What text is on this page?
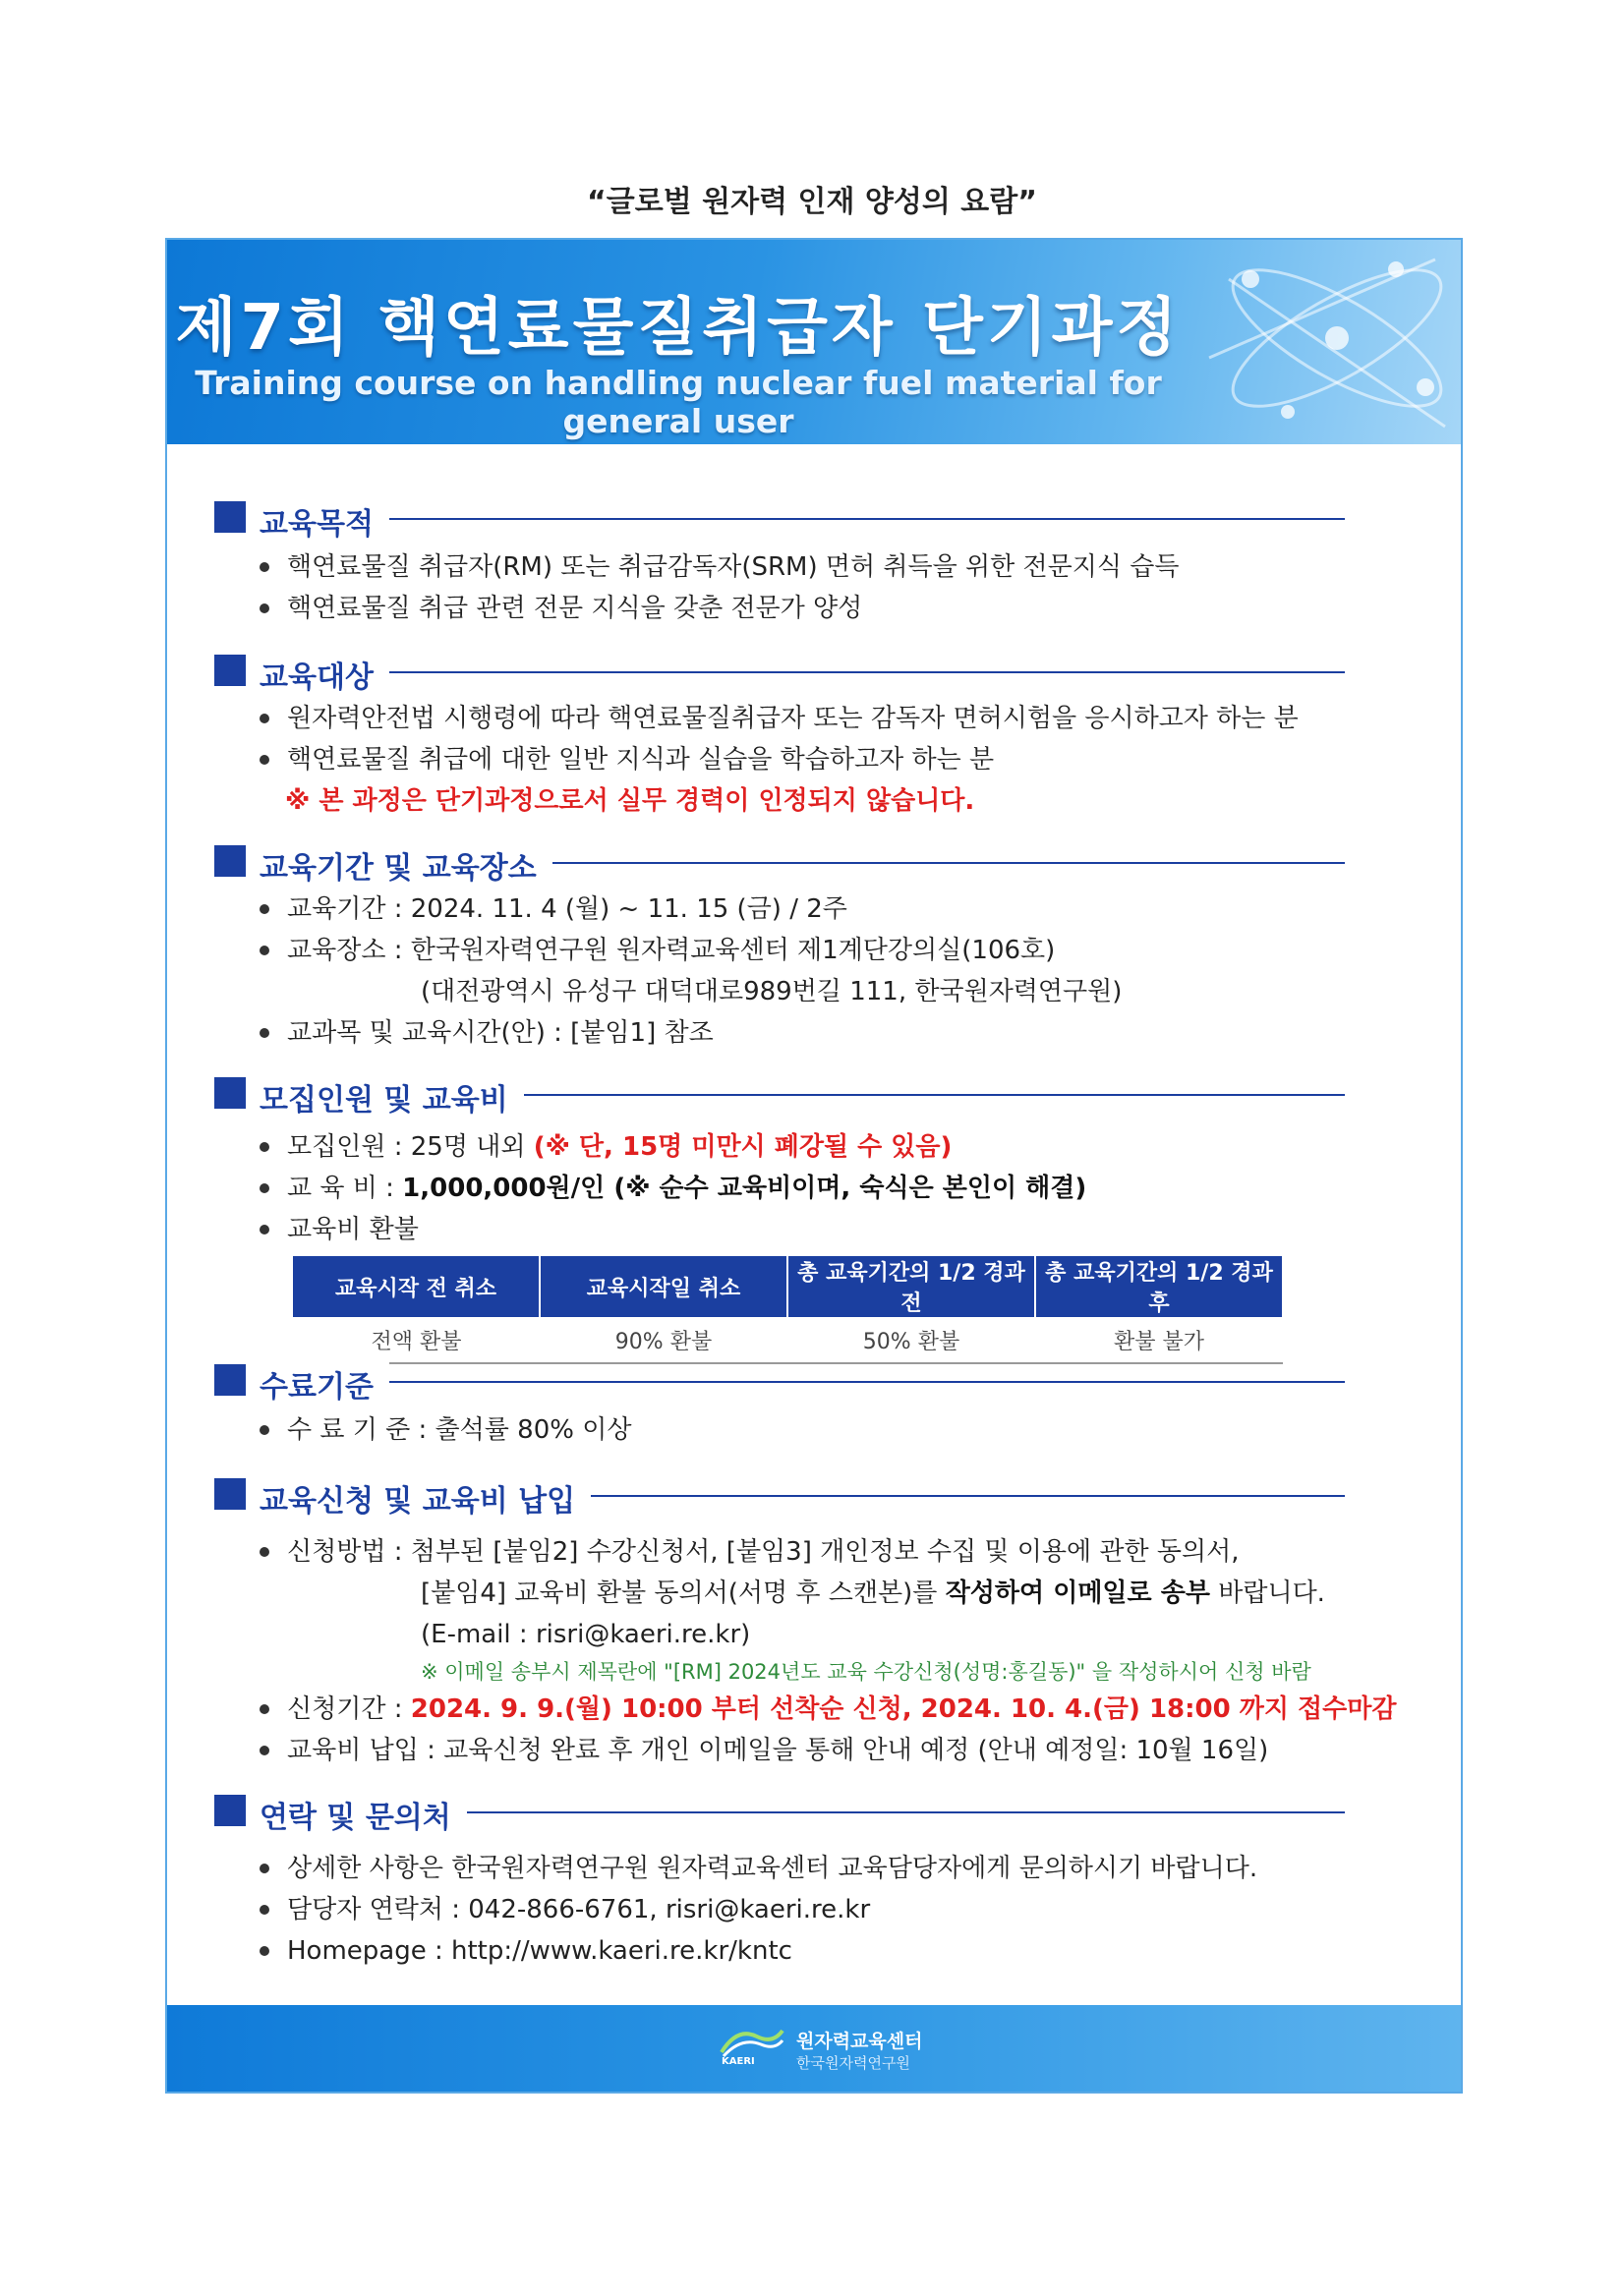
“글로벌 원자력 인재 양성의 요람”
제7회 핵연료물질취급자 단기과정
Training course on handling nuclear fuel material for general user
교육목적
핵연료물질 취급자(RM) 또는 취급감독자(SRM) 면허 취득을 위한 전문지식 습득
핵연료물질 취급 관련 전문 지식을 갖춘 전문가 양성
교육대상
원자력안전법 시행령에 따라 핵연료물질취급자 또는 감독자 면허시험을 응시하고자 하는 분
핵연료물질 취급에 대한 일반 지식과 실습을 학습하고자 하는 분
※ 본 과정은 단기과정으로서 실무 경력이 인정되지 않습니다.
교육기간 및 교육장소
교육기간 : 2024. 11. 4 (월) ~ 11. 15 (금) / 2주
교육장소 : 한국원자력연구원 원자력교육센터 제1계단강의실(106호)
(대전광역시 유성구 대덕대로989번길 111, 한국원자력연구원)
교과목 및 교육시간(안) : [붙임1] 참조
모집인원 및 교육비
모집인원 : 25명 내외 (※ 단, 15명 미만시 폐강될 수 있음)
교 육 비 : 1,000,000원/인 (※ 순수 교육비이며, 숙식은 본인이 해결)
교육비 환불
교육시작 전 취소	교육시작일 취소	총 교육기간의 1/2 경과 전	총 교육기간의 1/2 경과 후
전액 환불	90% 환불	50% 환불	환불 불가
수료기준
수 료 기 준 : 출석률 80% 이상
교육신청 및 교육비 납입
신청방법 : 첨부된 [붙임2] 수강신청서, [붙임3] 개인정보 수집 및 이용에 관한 동의서,
[붙임4] 교육비 환불 동의서(서명 후 스캔본)를 작성하여 이메일로 송부 바랍니다.
(E-mail : risri@kaeri.re.kr)
※ 이메일 송부시 제목란에 "[RM] 2024년도 교육 수강신청(성명:홍길동)" 을 작성하시어 신청 바람
신청기간 : 2024. 9. 9.(월) 10:00 부터 선착순 신청, 2024. 10. 4.(금) 18:00 까지 접수마감
교육비 납입 : 교육신청 완료 후 개인 이메일을 통해 안내 예정 (안내 예정일: 10월 16일)
연락 및 문의처
상세한 사항은 한국원자력연구원 원자력교육센터 교육담당자에게 문의하시기 바랍니다.
담당자 연락처 : 042-866-6761, risri@kaeri.re.kr
Homepage : http://www.kaeri.re.kr/kntc
KAERI
원자력교육센터
한국원자력연구원
